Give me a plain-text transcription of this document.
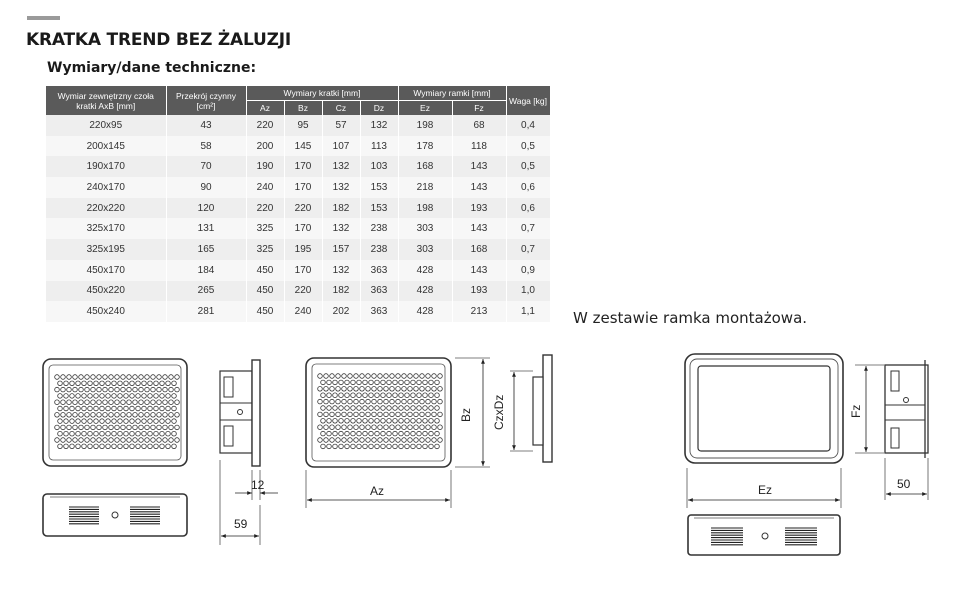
KRATKA TREND BEZ ŻALUZJI
Wymiary/dane techniczne:
Wymiar zewnętrzny czoła kratki AxB [mm]	Przekrój czynny [cm²]	Wymiary kratki [mm]				Wymiary ramki [mm]		Waga [kg]
		Az	Bz	Cz	Dz	Ez	Fz	
220x95	43	220	95	57	132	198	68	0,4
200x145	58	200	145	107	113	178	118	0,5
190x170	70	190	170	132	103	168	143	0,5
240x170	90	240	170	132	153	218	143	0,6
220x220	120	220	220	182	153	198	193	0,6
325x170	131	325	170	132	238	303	143	0,7
325x195	165	325	195	157	238	303	168	0,7
450x170	184	450	170	132	363	428	143	0,9
450x220	265	450	220	182	363	428	193	1,0
450x240	281	450	240	202	363	428	213	1,1	W zestawie ramka montażowa.
12
59
Az
Bz CzxDz
Ez
Fz
50
